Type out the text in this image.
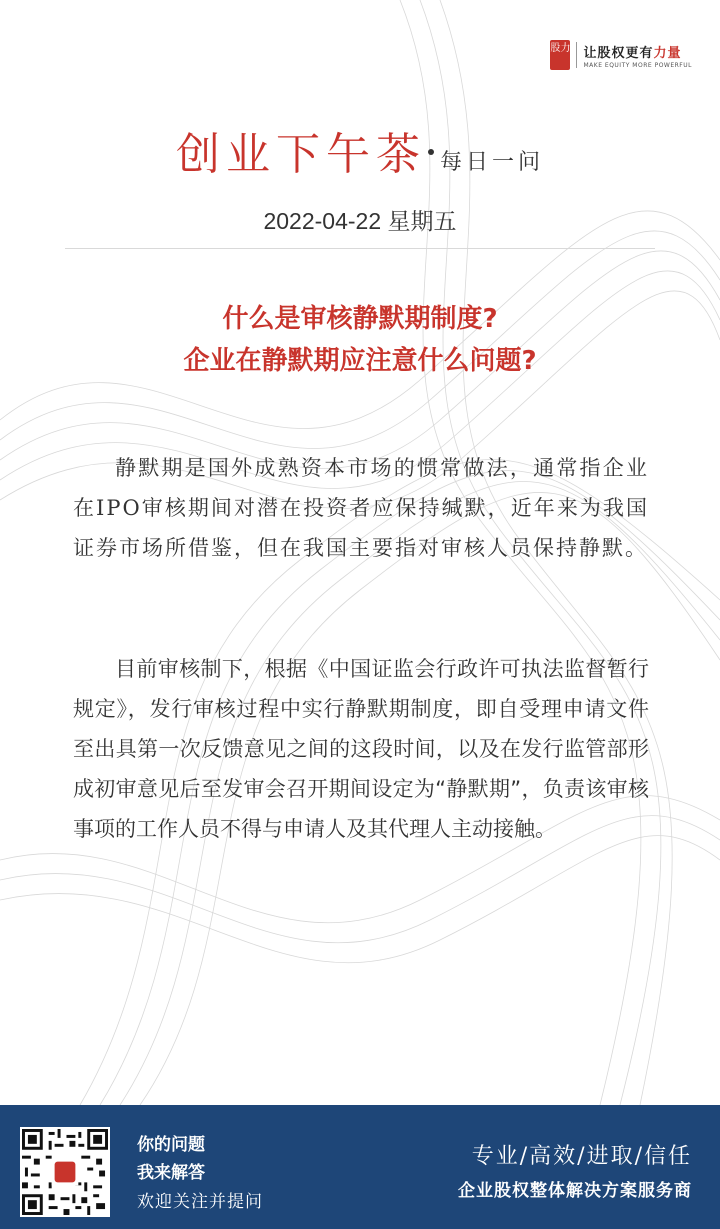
股力 让股权更有力量
MAKE EQUITY MORE POWERFUL
创业下午茶 每日一问
2022-04-22 星期五
什么是审核静默期制度?
企业在静默期应注意什么问题?
静默期是国外成熟资本市场的惯常做法，通常指企业在IPO审核期间对潜在投资者应保持缄默，近年来为我国证券市场所借鉴，但在我国主要指对审核人员保持静默。
目前审核制下，根据《中国证监会行政许可执法监督暂行规定》，发行审核过程中实行静默期制度，即自受理申请文件至出具第一次反馈意见之间的这段时间，以及在发行监管部形成初审意见后至发审会召开期间设定为“静默期”，负责该审核事项的工作人员不得与申请人及其代理人主动接触。
你的问题
我来解答
欢迎关注并提问
专业/高效/进取/信任
企业股权整体解决方案服务商
